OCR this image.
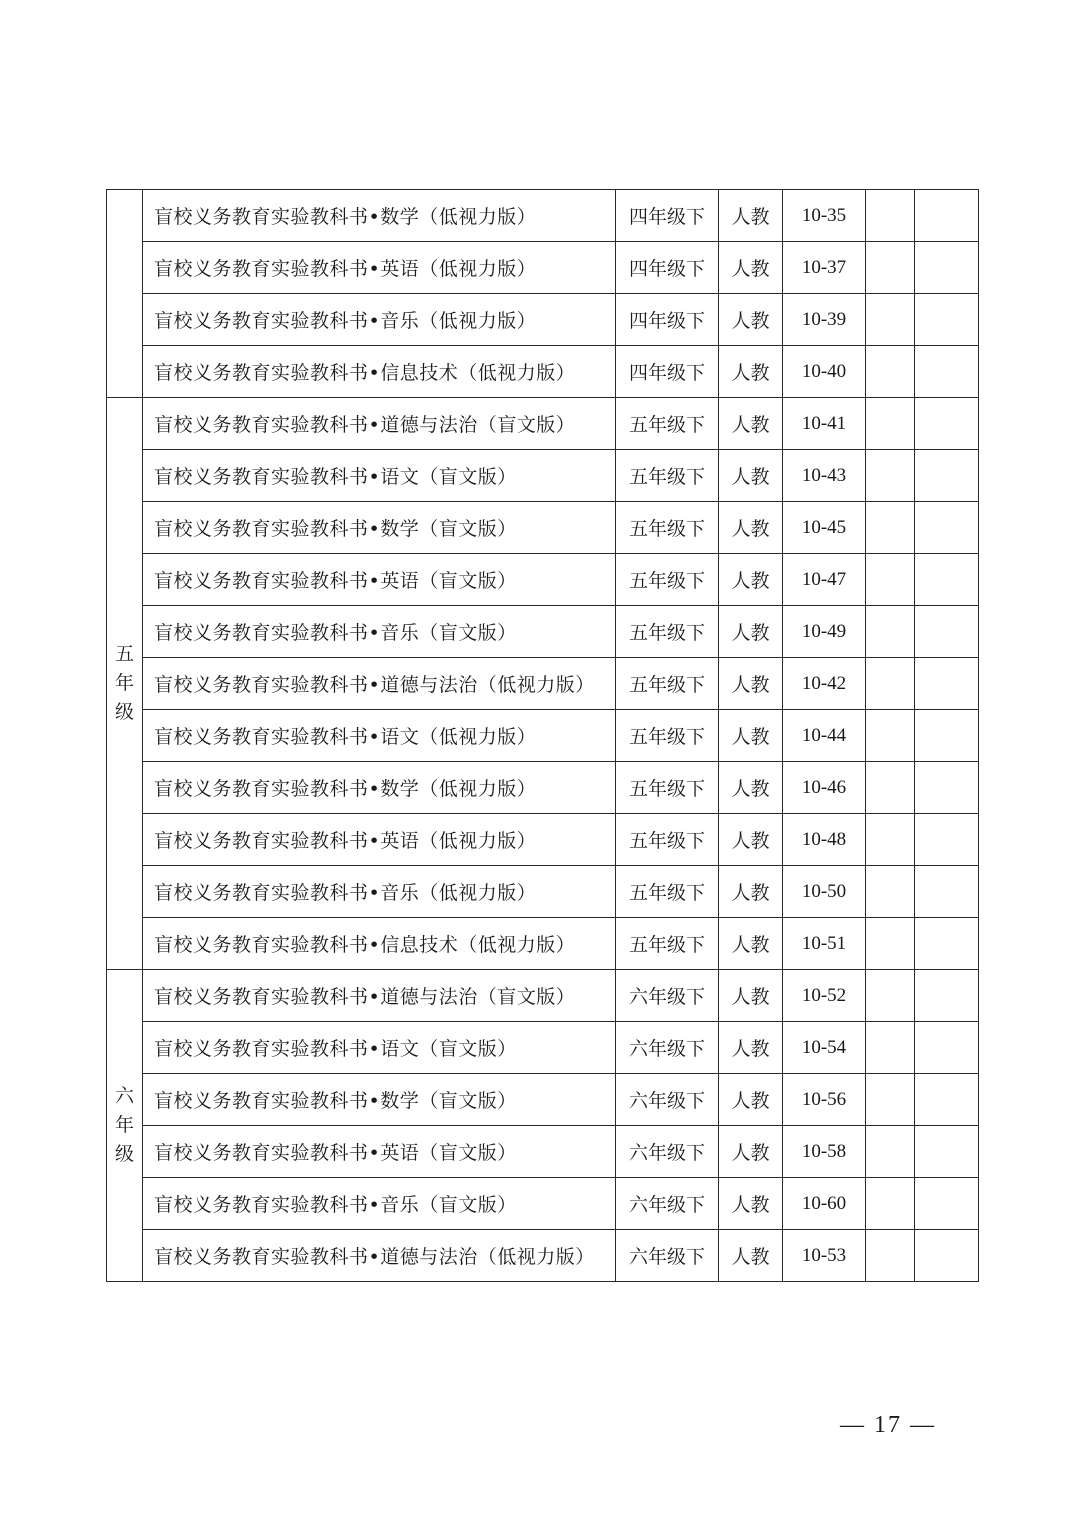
	盲校义务教育实验教科书•数学（低视力版）	四年级下	人教	10-35		
	盲校义务教育实验教科书•英语（低视力版）	四年级下	人教	10-37		
	盲校义务教育实验教科书•音乐（低视力版）	四年级下	人教	10-39		
	盲校义务教育实验教科书•信息技术（低视力版）	四年级下	人教	10-40		

五
年
级	盲校义务教育实验教科书•道德与法治（盲文版）	五年级下	人教	10-41		
	盲校义务教育实验教科书•语文（盲文版）	五年级下	人教	10-43		
	盲校义务教育实验教科书•数学（盲文版）	五年级下	人教	10-45		
	盲校义务教育实验教科书•英语（盲文版）	五年级下	人教	10-47		
	盲校义务教育实验教科书•音乐（盲文版）	五年级下	人教	10-49		
	盲校义务教育实验教科书•道德与法治（低视力版）	五年级下	人教	10-42		
	盲校义务教育实验教科书•语文（低视力版）	五年级下	人教	10-44		
	盲校义务教育实验教科书•数学（低视力版）	五年级下	人教	10-46		
	盲校义务教育实验教科书•英语（低视力版）	五年级下	人教	10-48		
	盲校义务教育实验教科书•音乐（低视力版）	五年级下	人教	10-50		
	盲校义务教育实验教科书•信息技术（低视力版）	五年级下	人教	10-51		

六
年
级	盲校义务教育实验教科书•道德与法治（盲文版）	六年级下	人教	10-52		
	盲校义务教育实验教科书•语文（盲文版）	六年级下	人教	10-54		
	盲校义务教育实验教科书•数学（盲文版）	六年级下	人教	10-56		
	盲校义务教育实验教科书•英语（盲文版）	六年级下	人教	10-58		
	盲校义务教育实验教科书•音乐（盲文版）	六年级下	人教	10-60		
	盲校义务教育实验教科书•道德与法治（低视力版）	六年级下	人教	10-53		
— 17 —
